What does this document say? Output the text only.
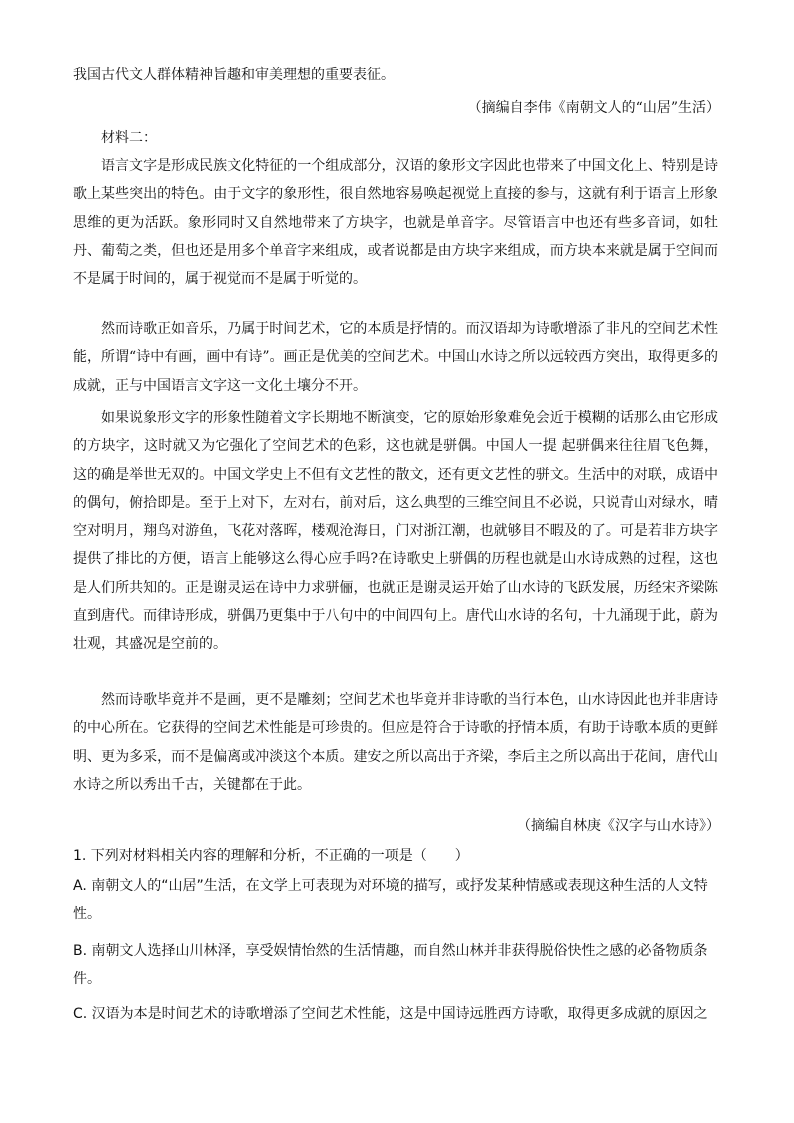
我国古代文人群体精神旨趣和审美理想的重要表征。

（摘编自李伟《南朝文人的“山居”生活）

材料二：

语言文字是形成民族文化特征的一个组成部分，汉语的象形文字因此也带来了中国文化上、特别是诗歌上某些突出的特色。由于文字的象形性，很自然地容易唤起视觉上直接的参与，这就有利于语言上形象思维的更为活跃。象形同时又自然地带来了方块字，也就是单音字。尽管语言中也还有些多音词，如牡丹、葡萄之类，但也还是用多个单音字来组成，或者说都是由方块字来组成，而方块本来就是属于空间而不是属于时间的，属于视觉而不是属于听觉的。

然而诗歌正如音乐，乃属于时间艺术，它的本质是抒情的。而汉语却为诗歌增添了非凡的空间艺术性能，所谓“诗中有画，画中有诗”。画正是优美的空间艺术。中国山水诗之所以远较西方突出，取得更多的成就，正与中国语言文字这一文化土壤分不开。

如果说象形文字的形象性随着文字长期地不断演变，它的原始形象难免会近于模糊的话那么由它形成的方块字，这时就又为它强化了空间艺术的色彩，这也就是骈偶。中国人一提 起骈偶来往往眉飞色舞，这的确是举世无双的。中国文学史上不但有文艺性的散文，还有更文艺性的骈文。生活中的对联，成语中的偶句，俯拾即是。至于上对下，左对右，前对后，这么典型的三维空间且不必说，只说青山对绿水，晴空对明月，翔鸟对游鱼，飞花对落晖，楼观沧海日，门对浙江潮，也就够目不暇及的了。可是若非方块字提供了排比的方便，语言上能够这么得心应手吗?在诗歌史上骈偶的历程也就是山水诗成熟的过程，这也是人们所共知的。正是谢灵运在诗中力求骈俪，也就正是谢灵运开始了山水诗的飞跃发展，历经宋齐梁陈直到唐代。而律诗形成，骈偶乃更集中于八句中的中间四句上。唐代山水诗的名句，十九涌现于此，蔚为壮观，其盛况是空前的。

然而诗歌毕竟并不是画，更不是雕刻；空间艺术也毕竟并非诗歌的当行本色，山水诗因此也并非唐诗的中心所在。它获得的空间艺术性能是可珍贵的。但应是符合于诗歌的抒情本质，有助于诗歌本质的更鲜明、更为多采，而不是偏离或冲淡这个本质。建安之所以高出于齐梁，李后主之所以高出于花间，唐代山水诗之所以秀出千古，关键都在于此。

（摘编自林庚《汉字与山水诗》）

1. 下列对材料相关内容的理解和分析，不正确的一项是（　　）

A. 南朝文人的“山居”生活，在文学上可表现为对环境的描写，或抒发某种情感或表现这种生活的人文特性。

B. 南朝文人选择山川林泽，享受娱情怡然的生活情趣，而自然山林并非获得脱俗快性之感的必备物质条件。

C. 汉语为本是时间艺术的诗歌增添了空间艺术性能，这是中国诗远胜西方诗歌，取得更多成就的原因之
